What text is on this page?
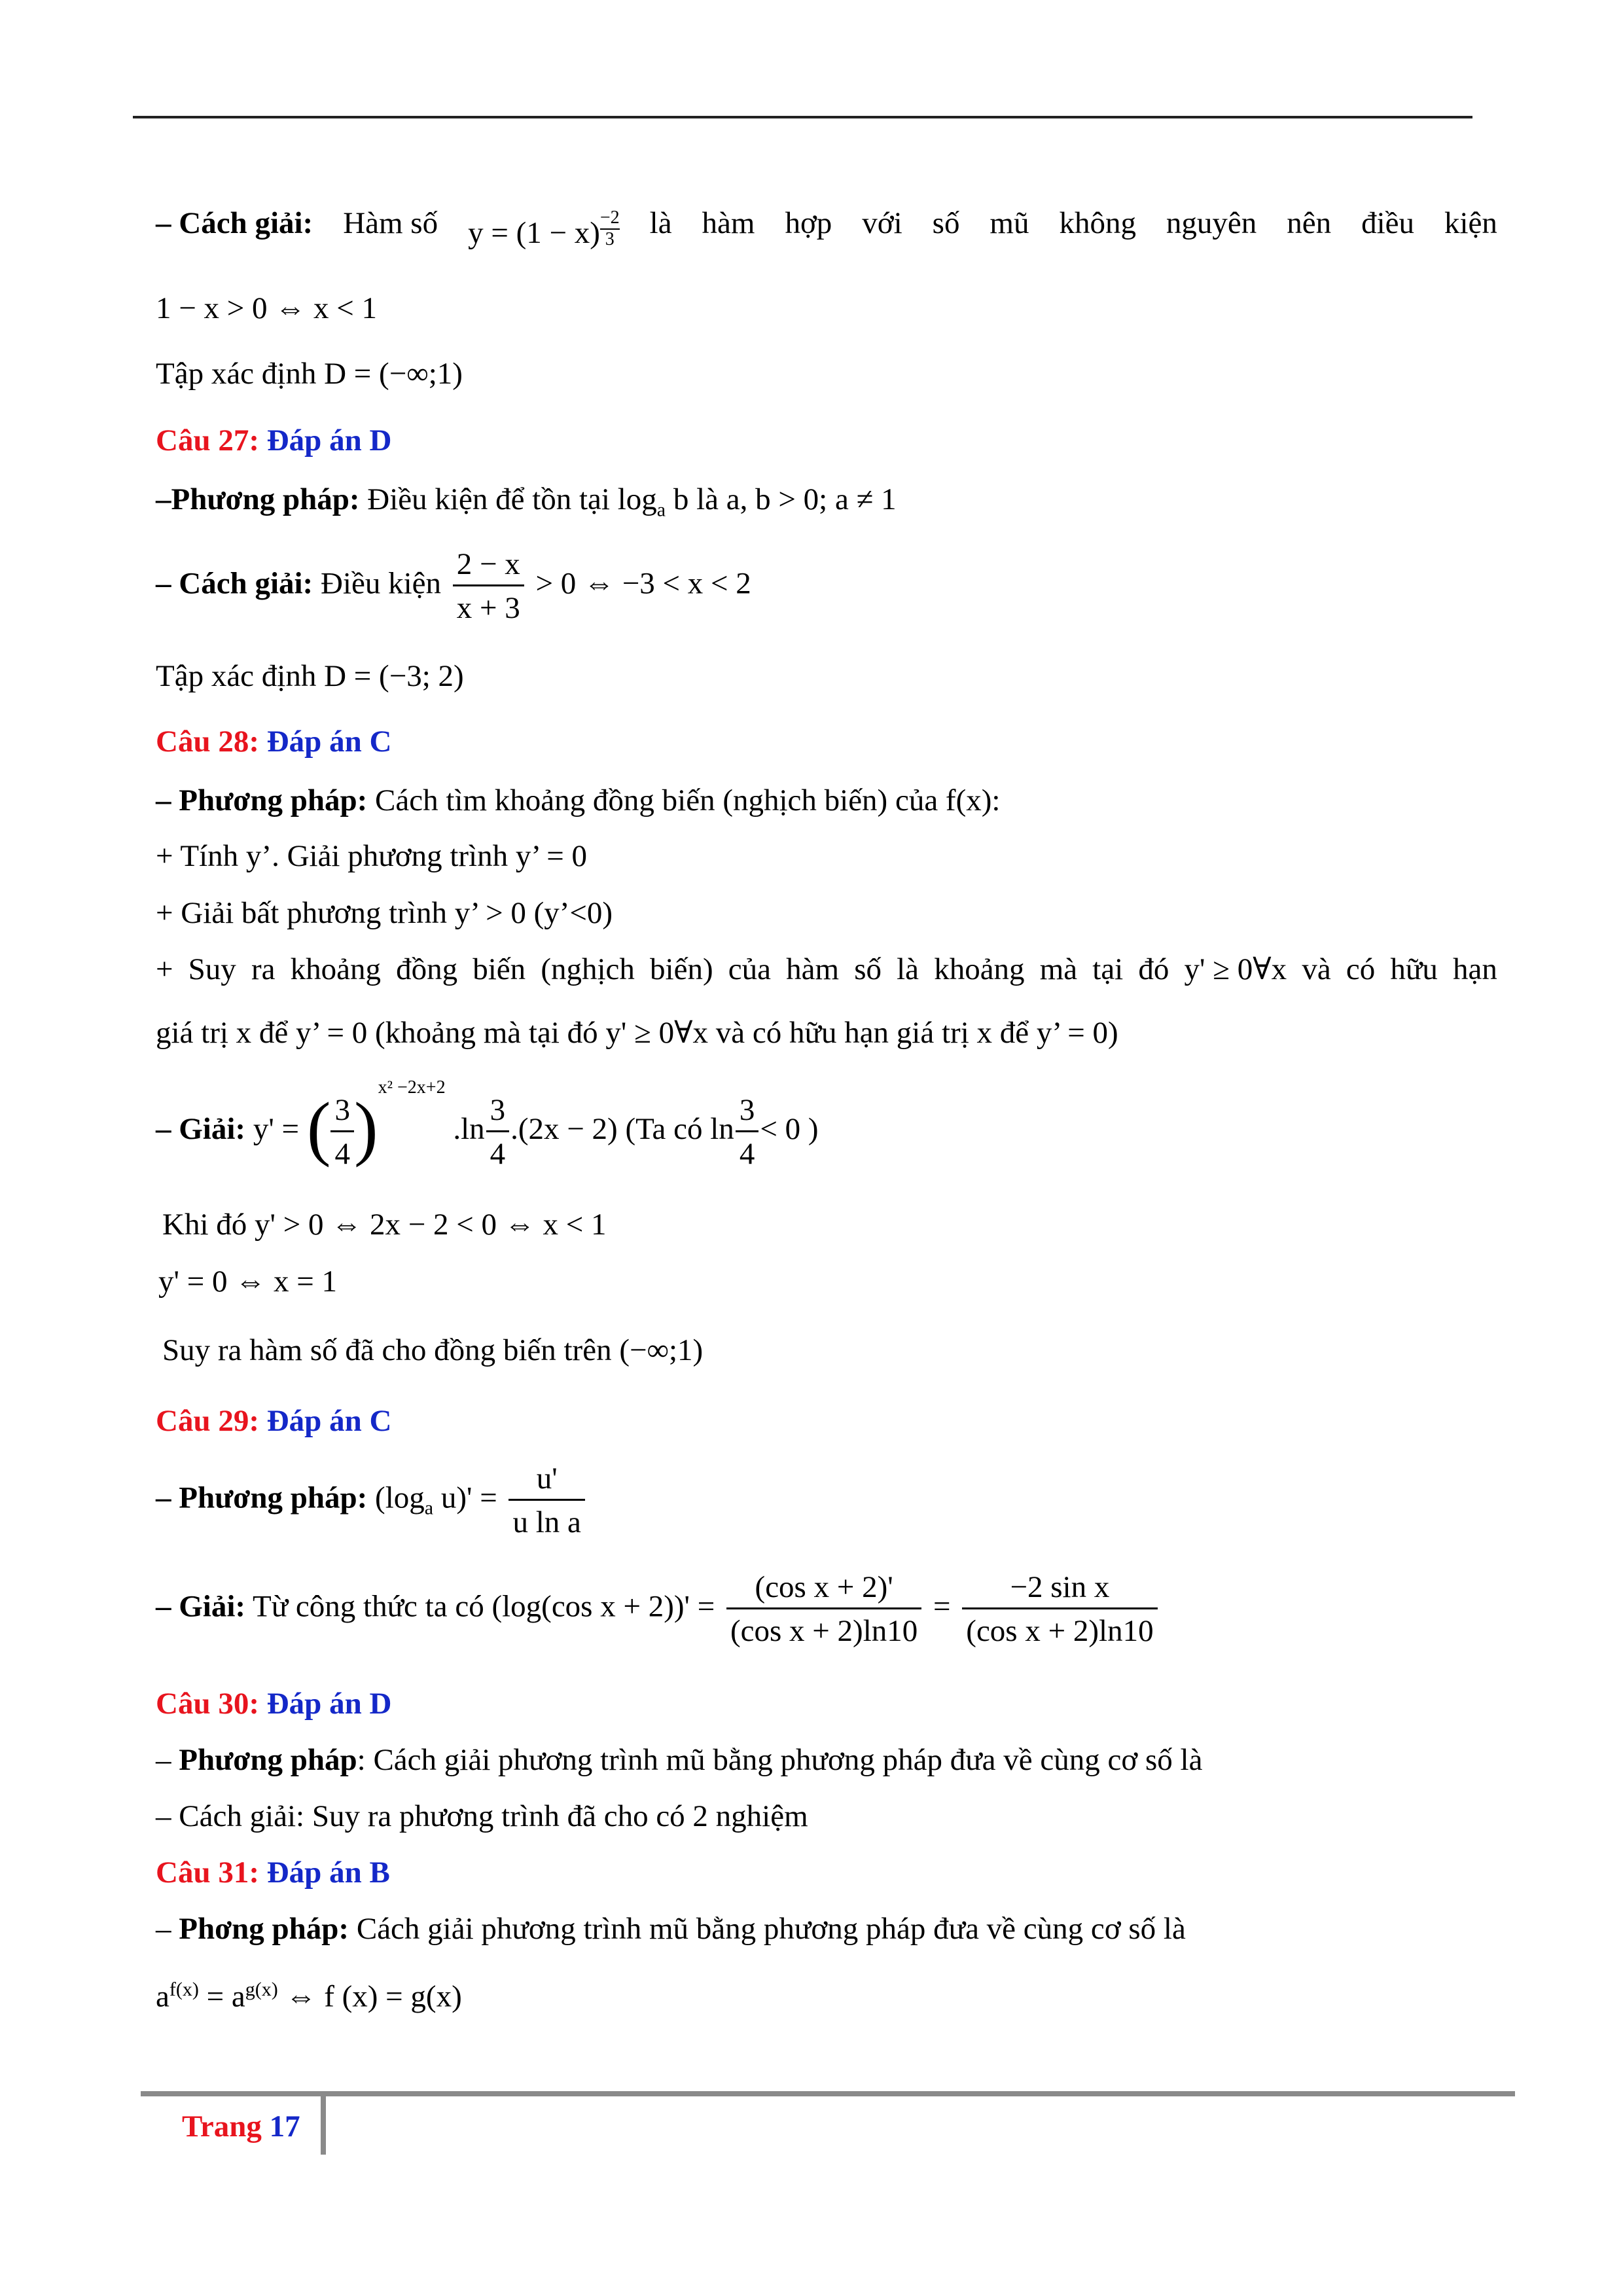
– Cách giải: Hàm số y = (1 − x) $^{\frac{-2}{3}}$ là hàm hợp với số mũ không nguyên nên điều kiện
1 − x > 0 ⇔ x < 1
Tập xác định D = (−∞;1)
Câu 27: Đáp án D
–Phương pháp: Điều kiện để tồn tại $\log_a b$ là a, b > 0; a ≠ 1
– Cách giải: Điều kiện $\frac{2 - x}{x + 3} > 0$ ⇔ −3 < x < 2
Tập xác định D = (−3; 2)
Câu 28: Đáp án C
– Phương pháp: Cách tìm khoảng đồng biến (nghịch biến) của f(x):
+ Tính y’. Giải phương trình y’ = 0
+ Giải bất phương trình y’ > 0 (y’<0)
+ Suy ra khoảng đồng biến (nghịch biến) của hàm số là khoảng mà tại đó y' ≥ 0∀x và có hữu hạn
giá trị x để y’ = 0 (khoảng mà tại đó y' ≥ 0∀x và có hữu hạn giá trị x để y’ = 0)
– Giải: y' = ( $\frac{3}{4} )^{x^2 -2x+2}$ $.\ln \frac{3}{4} .(2x - 2)$ (Ta có $\ln \frac{3}{4} < 0$ )
Khi đó y' > 0 ⇔ 2x − 2 < 0 ⇔ x < 1
y' = 0 ⇔ x = 1
Suy ra hàm số đã cho đồng biến trên (−∞;1)
Câu 29: Đáp án C
– Phương pháp: ($\log_a$ $u)' = \frac{u'}{\text{u ln a}}$
– Giải: Từ công thức ta có (log(cos $x + 2))' = \frac{\text{(cos x + 2)'}}{\text{(cos x + 2)ln10}} = \frac{\text{−2 sin x}}{\text{(cos x + 2)ln10}}$
Câu 30: Đáp án D
– Phương pháp: Cách giải phương trình mũ bằng phương pháp đưa về cùng cơ số là
– Cách giải: Suy ra phương trình đã cho có 2 nghiệm
Câu 31: Đáp án B
– Phơng pháp: Cách giải phương trình mũ bằng phương pháp đưa về cùng cơ số là
$a^{f(x)} = a^{g(x)}$ ⇔ f (x) = g(x)
Trang 17
